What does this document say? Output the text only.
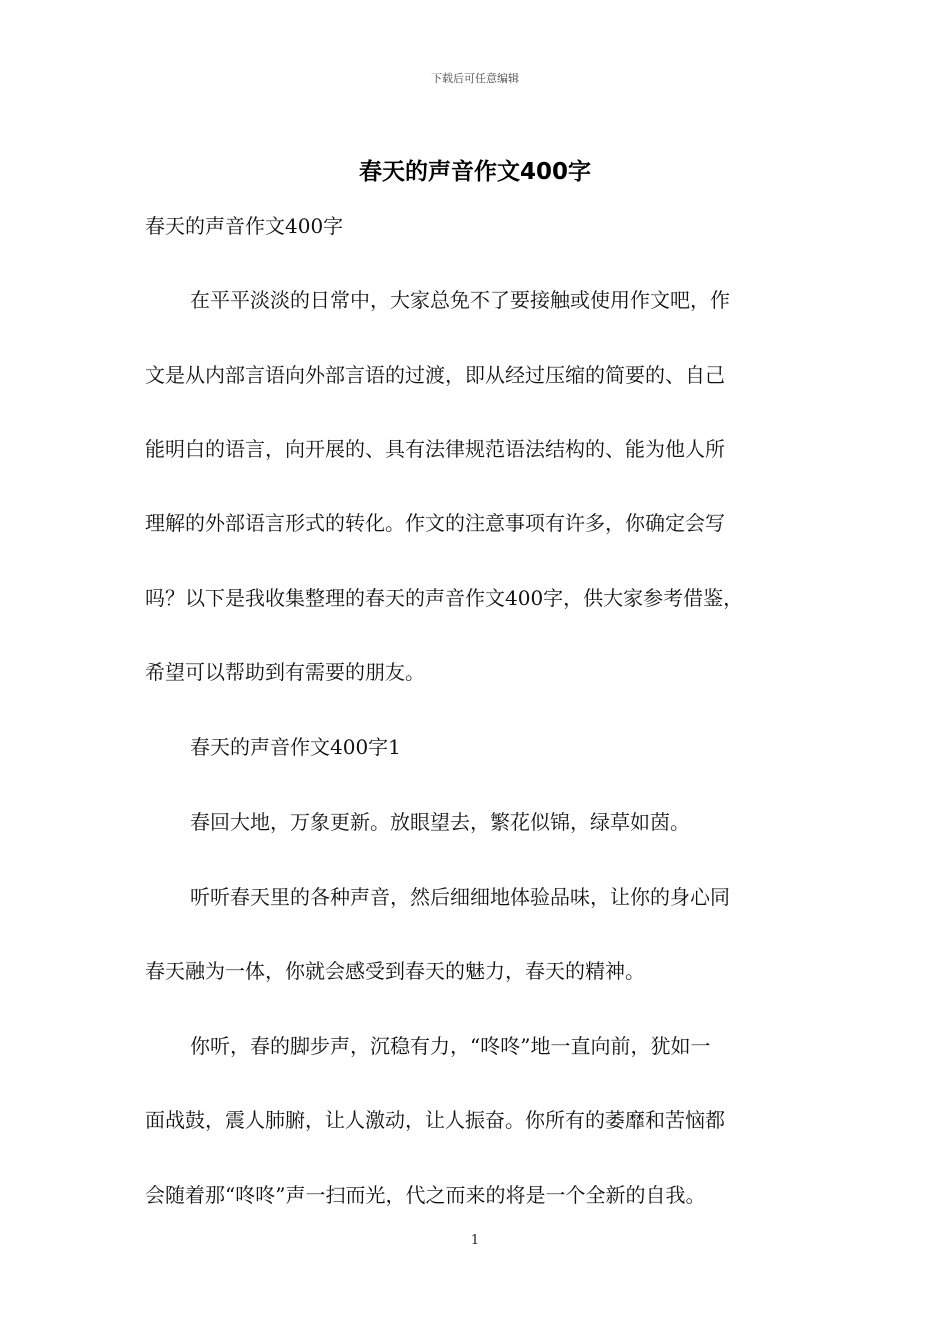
下载后可任意编辑
春天的声音作文400字
春天的声音作文400字
在平平淡淡的日常中，大家总免不了要接触或使用作文吧，作
文是从内部言语向外部言语的过渡，即从经过压缩的简要的、自己
能明白的语言，向开展的、具有法律规范语法结构的、能为他人所
理解的外部语言形式的转化。作文的注意事项有许多，你确定会写
吗？以下是我收集整理的春天的声音作文400字，供大家参考借鉴，
希望可以帮助到有需要的朋友。
春天的声音作文400字1
春回大地，万象更新。放眼望去，繁花似锦，绿草如茵。
听听春天里的各种声音，然后细细地体验品味，让你的身心同
春天融为一体，你就会感受到春天的魅力，春天的精神。
你听，春的脚步声，沉稳有力，“咚咚”地一直向前，犹如一
面战鼓，震人肺腑，让人激动，让人振奋。你所有的萎靡和苦恼都
会随着那“咚咚”声一扫而光，代之而来的将是一个全新的自我。
1
